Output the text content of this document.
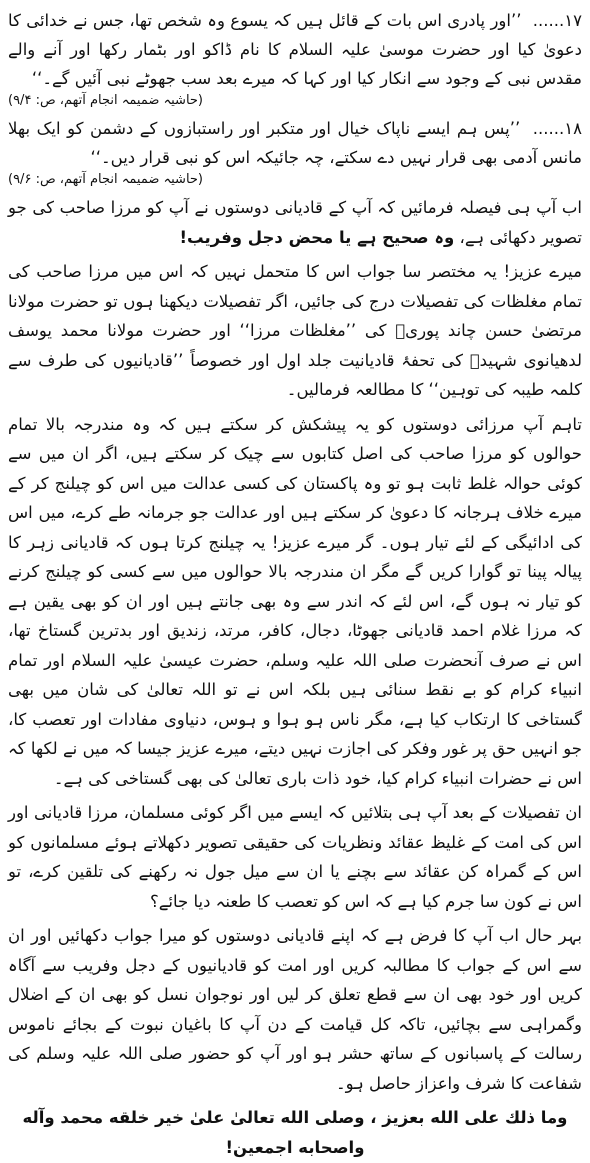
۱۷...... ’’اور پادری اس بات کے قائل ہیں کہ یسوع وہ شخص تھا، جس نے خدائی کا دعویٰ کیا اور حضرت موسیٰ علیہ السلام کا نام ڈاکو اور بٹمار رکھا اور آنے والے مقدس نبی کے وجود سے انکار کیا اور کہا کہ میرے بعد سب جھوٹے نبی آئیں گے۔‘‘
(حاشیہ ضمیمہ انجام آتھم، ص: ۹/۴)

۱۸...... ’’پس ہم ایسے ناپاک خیال اور متکبر اور راستبازوں کے دشمن کو ایک بھلا مانس آدمی بھی قرار نہیں دے سکتے، چہ جائیکہ اس کو نبی قرار دیں۔‘‘
(حاشیہ ضمیمہ انجام آتھم، ص: ۹/۶)

اب آپ ہی فیصلہ فرمائیں کہ آپ کے قادیانی دوستوں نے آپ کو مرزا صاحب کی جو تصویر دکھائی ہے، وہ صحیح ہے یا محض دجل وفریب!

میرے عزیز! یہ مختصر سا جواب اس کا متحمل نہیں کہ اس میں مرزا صاحب کی تمام مغلظات کی تفصیلات درج کی جائیں، اگر تفصیلات دیکھنا ہوں تو حضرت مولانا مرتضیٰ حسن چاند پوریؒ کی ’’مغلظات مرزا‘‘ اور حضرت مولانا محمد یوسف لدھیانوی شہیدؒ کی تحفۂ قادیانیت جلد اول اور خصوصاً ’’قادیانیوں کی طرف سے کلمہ طیبہ کی توہین‘‘ کا مطالعہ فرمالیں۔

تاہم آپ مرزائی دوستوں کو یہ پیشکش کر سکتے ہیں کہ وہ مندرجہ بالا تمام حوالوں کو مرزا صاحب کی اصل کتابوں سے چیک کر سکتے ہیں، اگر ان میں سے کوئی حوالہ غلط ثابت ہو تو وہ پاکستان کی کسی عدالت میں اس کو چیلنج کر کے میرے خلاف ہرجانہ کا دعویٰ کر سکتے ہیں اور عدالت جو جرمانہ طے کرے، میں اس کی ادائیگی کے لئے تیار ہوں۔ گر میرے عزیز! یہ چیلنج کرتا ہوں کہ قادیانی زہر کا پیالہ پینا تو گوارا کریں گے مگر ان مندرجہ بالا حوالوں میں سے کسی کو چیلنج کرنے کو تیار نہ ہوں گے، اس لئے کہ اندر سے وہ بھی جانتے ہیں اور ان کو بھی یقین ہے کہ مرزا غلام احمد قادیانی جھوٹا، دجال، کافر، مرتد، زندیق اور بدترین گستاخ تھا، اس نے صرف آنحضرت صلی اللہ علیہ وسلم، حضرت عیسیٰ علیہ السلام اور تمام انبیاء کرام کو بے نقط سنائی ہیں بلکہ اس نے تو اللہ تعالیٰ کی شان میں بھی گستاخی کا ارتکاب کیا ہے، مگر ناس ہو ہوا و ہوس، دنیاوی مفادات اور تعصب کا، جو انہیں حق پر غور وفکر کی اجازت نہیں دیتے، میرے عزیز جیسا کہ میں نے لکھا کہ اس نے حضرات انبیاء کرام کیا، خود ذات باری تعالیٰ کی بھی گستاخی کی ہے۔

ان تفصیلات کے بعد آپ ہی بتلائیں کہ ایسے میں اگر کوئی مسلمان، مرزا قادیانی اور اس کی امت کے غلیظ عقائد ونظریات کی حقیقی تصویر دکھلاتے ہوئے مسلمانوں کو اس کے گمراہ کن عقائد سے بچنے یا ان سے میل جول نہ رکھنے کی تلقین کرے، تو اس نے کون سا جرم کیا ہے کہ اس کو تعصب کا طعنہ دیا جائے؟

بہر حال اب آپ کا فرض ہے کہ اپنے قادیانی دوستوں کو میرا جواب دکھائیں اور ان سے اس کے جواب کا مطالبہ کریں اور امت کو قادیانیوں کے دجل وفریب سے آگاہ کریں اور خود بھی ان سے قطع تعلق کر لیں اور نوجوان نسل کو بھی ان کے اضلال وگمراہی سے بچائیں، تاکہ کل قیامت کے دن آپ کا باغیان نبوت کے بجائے ناموس رسالت کے پاسبانوں کے ساتھ حشر ہو اور آپ کو حضور صلی اللہ علیہ وسلم کی شفاعت کا شرف واعزاز حاصل ہو۔

وما ذلك على الله بعزيز ، وصلى الله تعالىٰ علىٰ خير خلقه محمد وآله واصحابه اجمعين!
